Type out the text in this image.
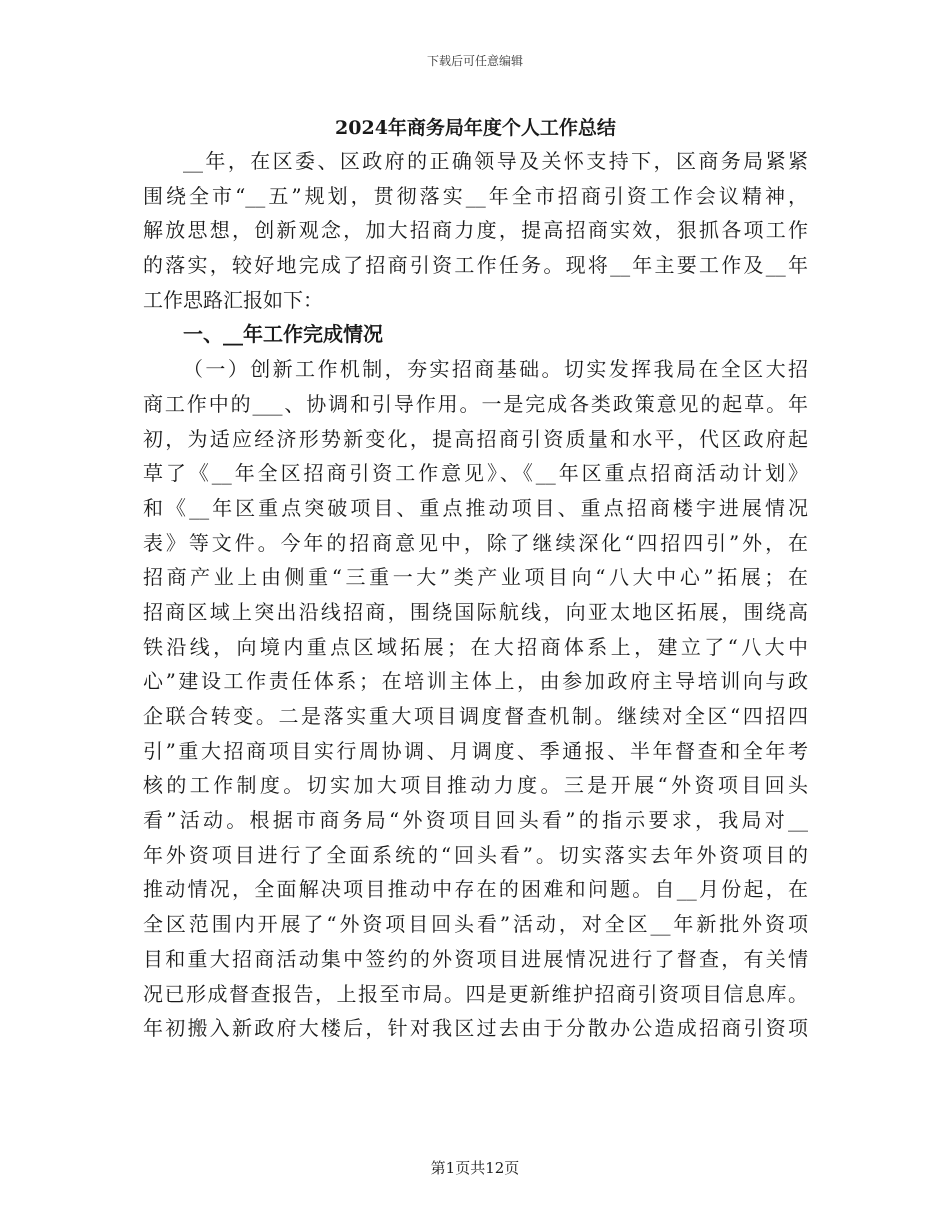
下载后可任意编辑
2024年商务局年度个人工作总结
__年，在区委、区政府的正确领导及关怀支持下，区商务局紧紧
围绕全市“__五”规划，贯彻落实__年全市招商引资工作会议精神，
解放思想，创新观念，加大招商力度，提高招商实效，狠抓各项工作
的落实，较好地完成了招商引资工作任务。现将__年主要工作及__年
工作思路汇报如下：
一、__年工作完成情况
（一）创新工作机制，夯实招商基础。切实发挥我局在全区大招
商工作中的___、协调和引导作用。一是完成各类政策意见的起草。年
初，为适应经济形势新变化，提高招商引资质量和水平，代区政府起
草了《__年全区招商引资工作意见》、《__年区重点招商活动计划》
和《__年区重点突破项目、重点推动项目、重点招商楼宇进展情况
表》等文件。今年的招商意见中，除了继续深化“四招四引”外，在
招商产业上由侧重“三重一大”类产业项目向“八大中心”拓展；在
招商区域上突出沿线招商，围绕国际航线，向亚太地区拓展，围绕高
铁沿线，向境内重点区域拓展；在大招商体系上，建立了“八大中
心”建设工作责任体系；在培训主体上，由参加政府主导培训向与政
企联合转变。二是落实重大项目调度督查机制。继续对全区“四招四
引”重大招商项目实行周协调、月调度、季通报、半年督查和全年考
核的工作制度。切实加大项目推动力度。三是开展“外资项目回头
看”活动。根据市商务局“外资项目回头看”的指示要求，我局对__
年外资项目进行了全面系统的“回头看”。切实落实去年外资项目的
推动情况，全面解决项目推动中存在的困难和问题。自__月份起，在
全区范围内开展了“外资项目回头看”活动，对全区__年新批外资项
目和重大招商活动集中签约的外资项目进展情况进行了督查，有关情
况已形成督查报告，上报至市局。四是更新维护招商引资项目信息库。
年初搬入新政府大楼后，针对我区过去由于分散办公造成招商引资项
第1页共12页
